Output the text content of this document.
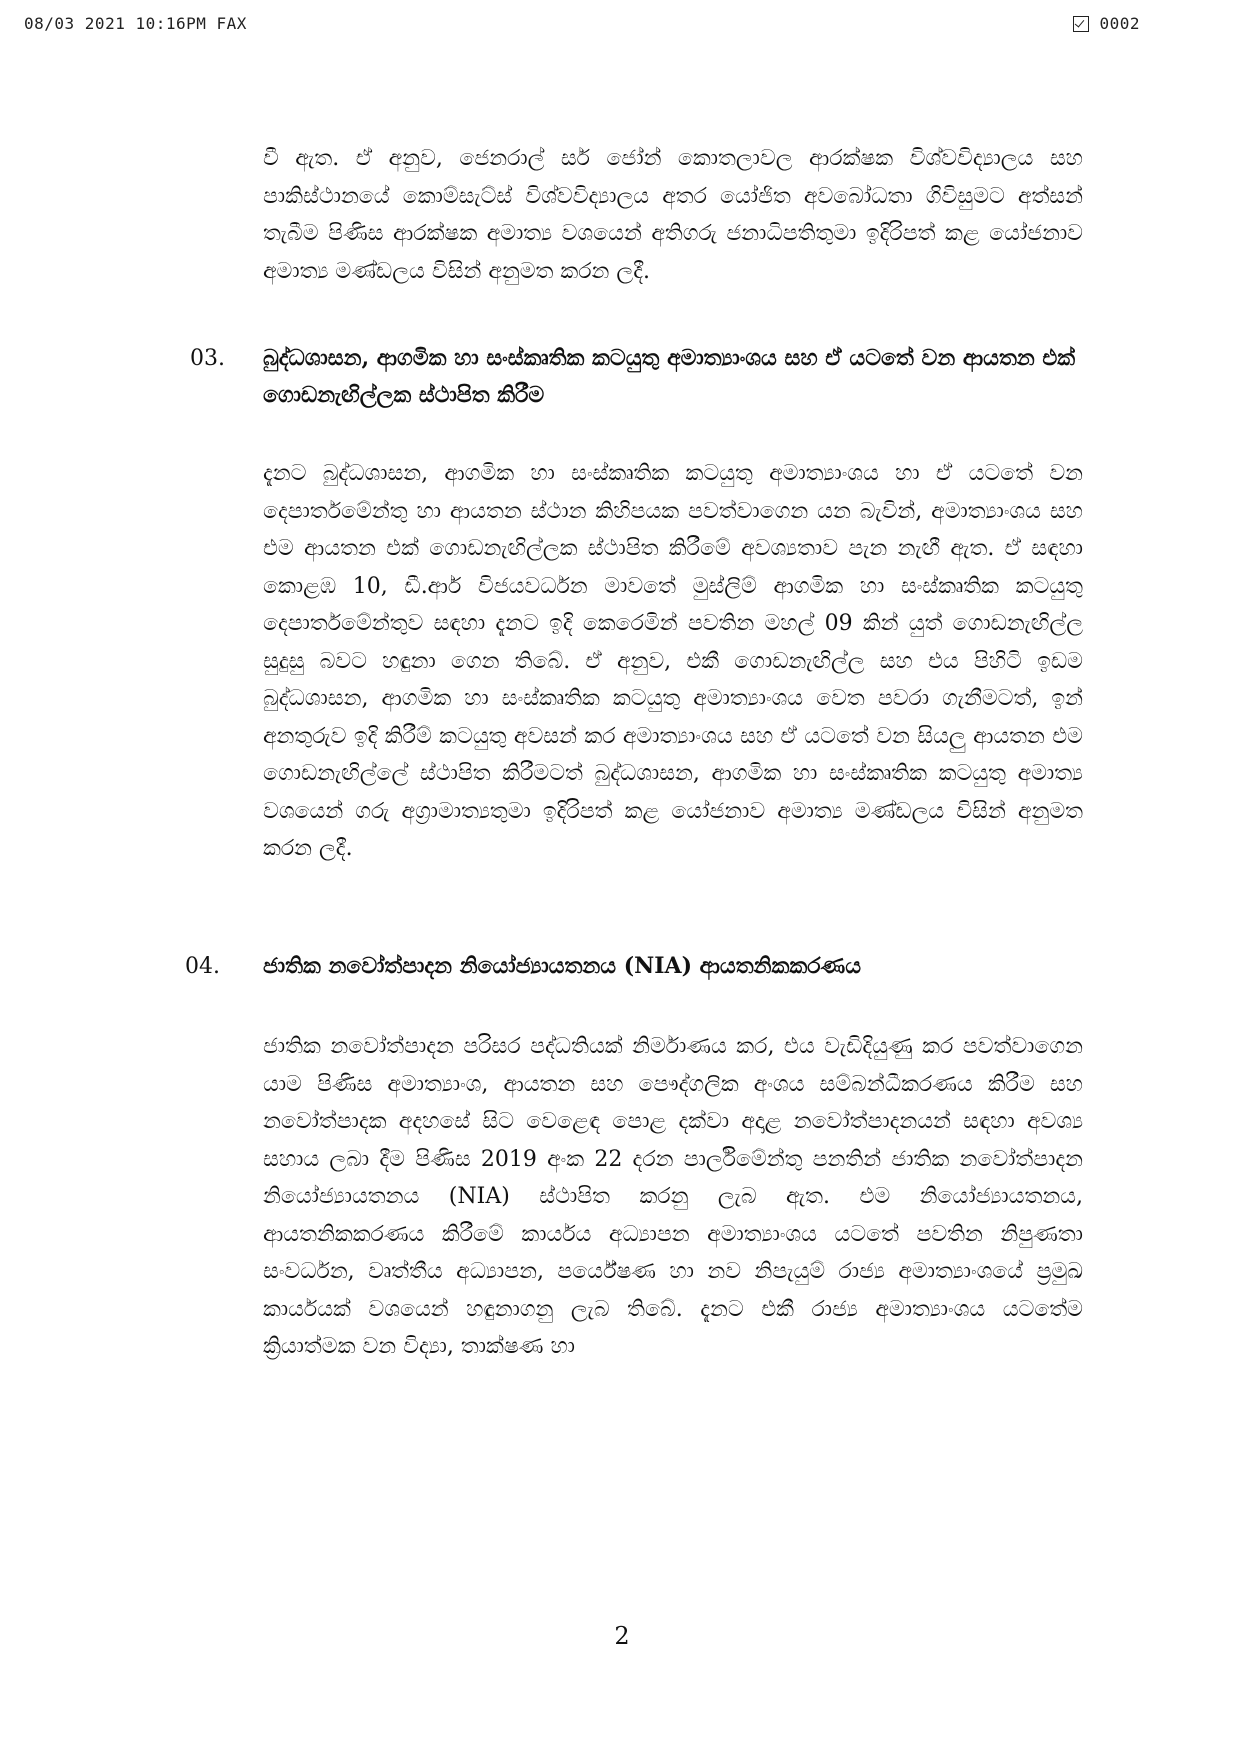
08/03 2021 10:16PM FAX	0002

වී ඇත. ඒ අනුව, ජෙනරාල් සර් ජෝන් කොතලාවල ආරක්ෂක විශ්වවිද්‍යාලය සහ පාකිස්ථානයේ කොම්සැට්ස් විශ්වවිද්‍යාලය අතර යෝජිත අවබෝධතා ගිවිසුමට අත්සන් තැබීම පිණිස ආරක්ෂක අමාත්‍ය වශයෙන් අතිගරු ජනාධිපතිතුමා ඉදිරිපත් කළ යෝජනාව අමාත්‍ය මණ්ඩලය විසින් අනුමත කරන ලදී.

03. බුද්ධශාසන, ආගමික හා සංස්කෘතික කටයුතු අමාත්‍යාංශය සහ ඒ යටතේ වන ආයතන එක් ගොඩනැඟිල්ලක ස්ථාපිත කිරීම

දැනට බුද්ධශාසන, ආගමික හා සංස්කෘතික කටයුතු අමාත්‍යාංශය හා ඒ යටතේ වන දෙපාර්තමේන්තු හා ආයතන ස්ථාන කිහිපයක පවත්වාගෙන යන බැවින්, අමාත්‍යාංශය සහ එම ආයතන එක් ගොඩනැඟිල්ලක ස්ථාපිත කිරීමේ අවශ්‍යතාව පැන නැඟී ඇත. ඒ සඳහා කොළඹ 10, ඩී.ආර් විජයවර්ධන මාවතේ මුස්ලිම් ආගමික හා සංස්කෘතික කටයුතු දෙපාර්තමේන්තුව සඳහා දැනට ඉදි කෙරෙමින් පවතින මහල් 09 කින් යුත් ගොඩනැඟිල්ල සුදුසු බවට හඳුනා ගෙන තිබේ. ඒ අනුව, එකී ගොඩනැඟිල්ල සහ එය පිහිටි ඉඩම බුද්ධශාසන, ආගමික හා සංස්කෘතික කටයුතු අමාත්‍යාංශය වෙත පවරා ගැනීමටත්, ඉන් අනතුරුව ඉදි කිරීම් කටයුතු අවසන් කර අමාත්‍යාංශය සහ ඒ යටතේ වන සියලු ආයතන එම ගොඩනැඟිල්ලේ ස්ථාපිත කිරීමටත් බුද්ධශාසන, ආගමික හා සංස්කෘතික කටයුතු අමාත්‍ය වශයෙන් ගරු අග්‍රාමාත්‍යතුමා ඉදිරිපත් කළ යෝජනාව අමාත්‍ය මණ්ඩලය විසින් අනුමත කරන ලදී.

04. ජාතික නවෝත්පාදන නියෝජ්‍යායතනය (NIA) ආයතනිකකරණය

ජාතික නවෝත්පාදන පරිසර පද්ධතියක් නිර්මාණය කර, එය වැඩිදියුණු කර පවත්වාගෙන යාම පිණිස අමාත්‍යාංශ, ආයතන සහ පෞද්ගලික අංශය සම්බන්ධීකරණය කිරීම සහ නවෝත්පාදක අදහසේ සිට වෙළෙඳ පොළ දක්වා අදාළ නවෝත්පාදනයන් සඳහා අවශ්‍ය සහාය ලබා දීම පිණිස 2019 අංක 22 දරන පාර්ලිමේන්තු පනතින් ජාතික නවෝත්පාදන නියෝජ්‍යායතනය (NIA) ස්ථාපිත කරනු ලැබ ඇත. එම නියෝජ්‍යායතනය, ආයතනිකකරණය කිරීමේ කාර්යය අධ්‍යාපන අමාත්‍යාංශය යටතේ පවතින නිපුණතා සංවර්ධන, වෘත්තීය අධ්‍යාපන, පර්යේෂණ හා නව නිපැයුම් රාජ්‍ය අමාත්‍යාංශයේ ප්‍රමුඛ කාර්යයක් වශයෙන් හඳුනාගනු ලැබ තිබේ. දැනට එකී රාජ්‍ය අමාත්‍යාංශය යටතේම ක්‍රියාත්මක වන විද්‍යා, තාක්ෂණ හා

2
